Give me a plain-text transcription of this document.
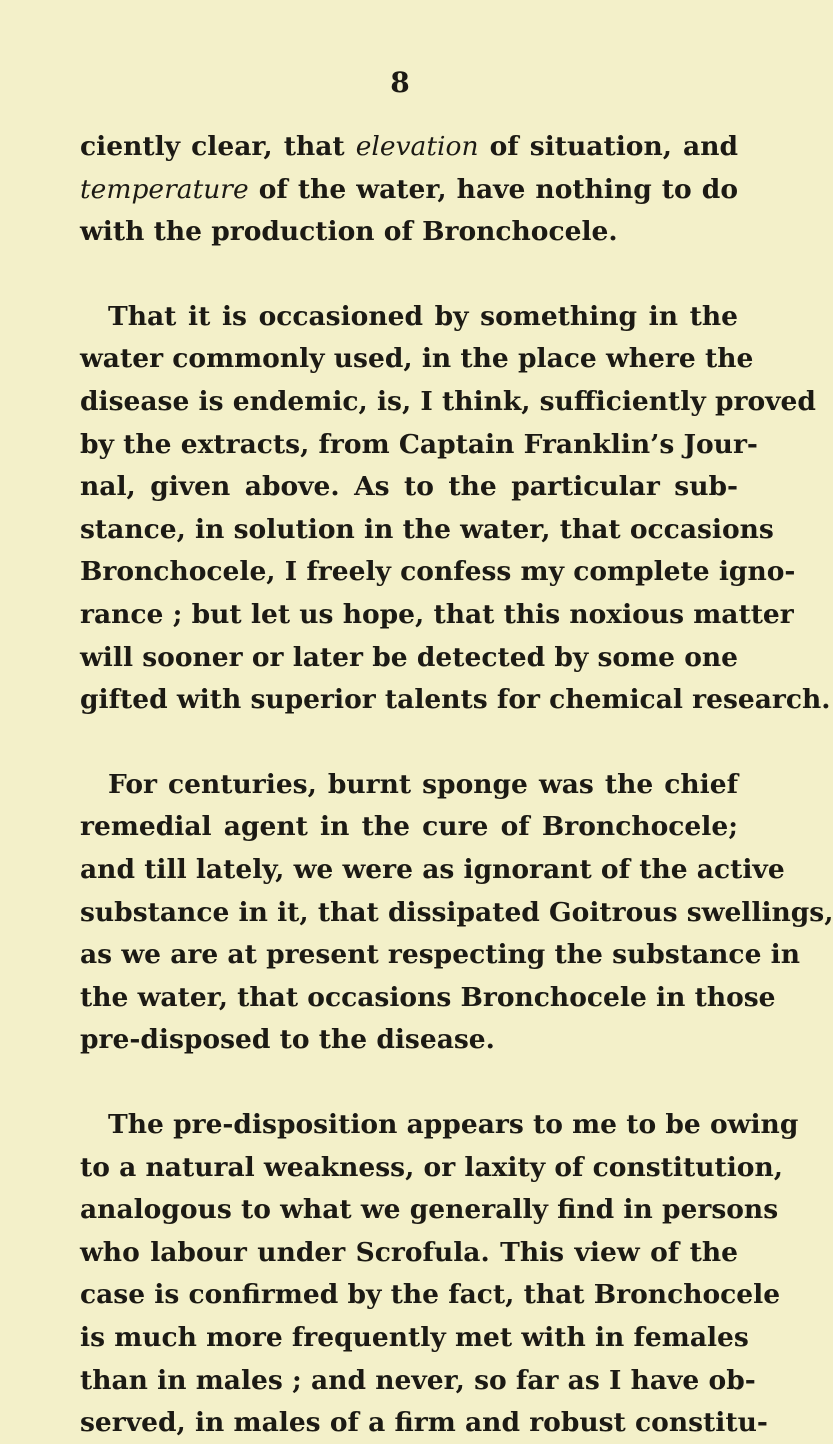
8
ciently clear, that elevation of situation, and
temperature of the water, have nothing to do
with the production of Bronchocele.
That it is occasioned by something in the
water commonly used, in the place where the
disease is endemic, is, I think, sufficiently proved
by the extracts, from Captain Franklin’s Jour-
nal, given above. As to the particular sub-
stance, in solution in the water, that occasions
Bronchocele, I freely confess my complete igno-
rance ; but let us hope, that this noxious matter
will sooner or later be detected by some one
gifted with superior talents for chemical research.
For centuries, burnt sponge was the chief
remedial agent in the cure of Bronchocele;
and till lately, we were as ignorant of the active
substance in it, that dissipated Goitrous swellings,
as we are at present respecting the substance in
the water, that occasions Bronchocele in those
pre-disposed to the disease.
The pre-disposition appears to me to be owing
to a natural weakness, or laxity of constitution,
analogous to what we generally find in persons
who labour under Scrofula. This view of the
case is confirmed by the fact, that Bronchocele
is much more frequently met with in females
than in males ; and never, so far as I have ob-
served, in males of a firm and robust constitu-
